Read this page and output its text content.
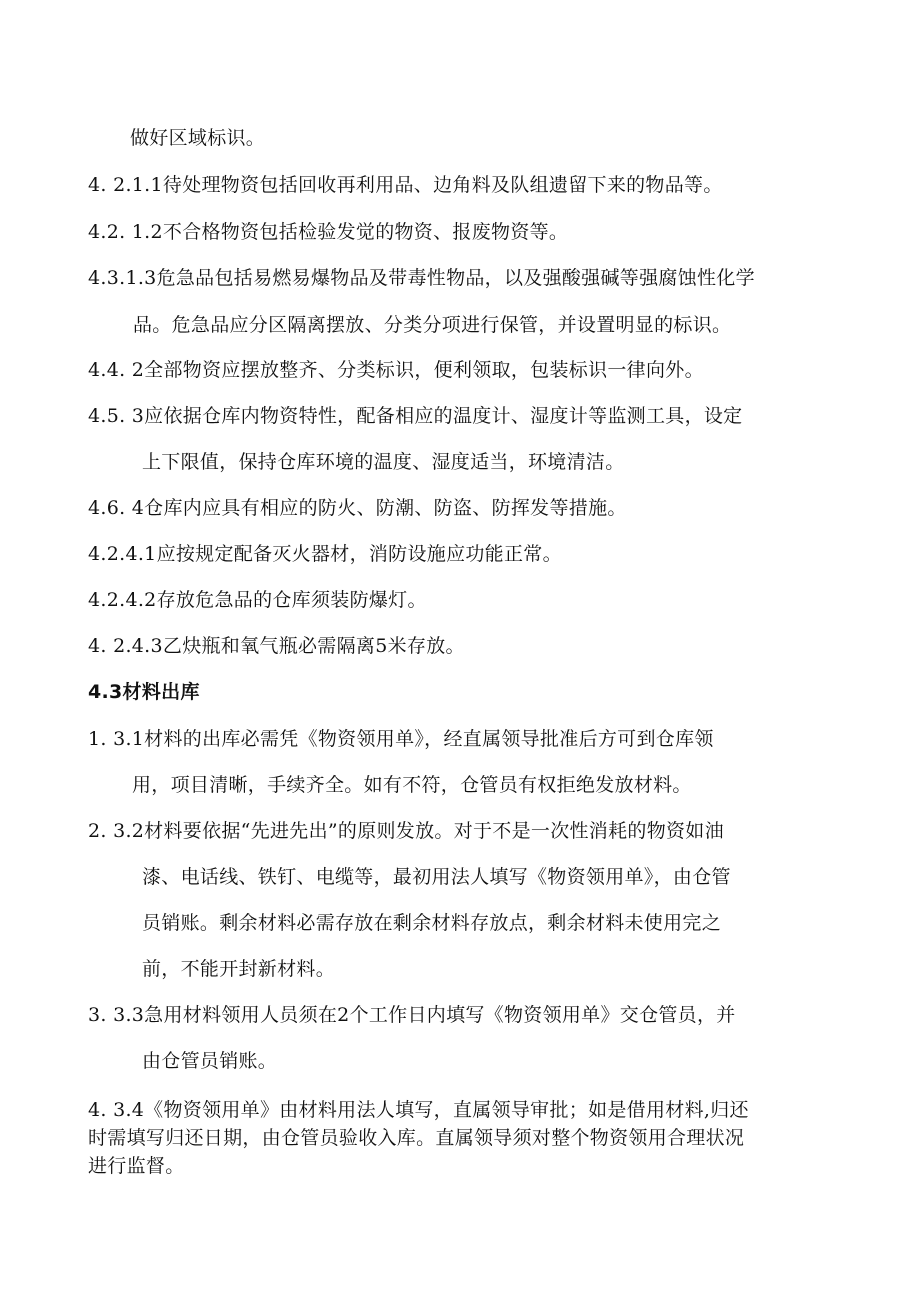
做好区域标识。
4. 2.1.1待处理物资包括回收再利用品、边角料及队组遗留下来的物品等。
4.2. 1.2不合格物资包括检验发觉的物资、报废物资等。
4.3.1.3危急品包括易燃易爆物品及带毒性物品，以及强酸强碱等强腐蚀性化学
品。危急品应分区隔离摆放、分类分项进行保管，并设置明显的标识。
4.4. 2全部物资应摆放整齐、分类标识，便利领取，包装标识一律向外。
4.5. 3应依据仓库内物资特性，配备相应的温度计、湿度计等监测工具，设定
上下限值，保持仓库环境的温度、湿度适当，环境清洁。
4.6. 4仓库内应具有相应的防火、防潮、防盗、防挥发等措施。
4.2.4.1应按规定配备灭火器材，消防设施应功能正常。
4.2.4.2存放危急品的仓库须装防爆灯。
4. 2.4.3乙炔瓶和氧气瓶必需隔离5米存放。
4.3材料出库
1. 3.1材料的出库必需凭《物资领用单》，经直属领导批准后方可到仓库领
用，项目清晰，手续齐全。如有不符，仓管员有权拒绝发放材料。
2. 3.2材料要依据“先进先出”的原则发放。对于不是一次性消耗的物资如油
漆、电话线、铁钉、电缆等，最初用法人填写《物资领用单》，由仓管
员销账。剩余材料必需存放在剩余材料存放点，剩余材料未使用完之
前，不能开封新材料。
3. 3.3急用材料领用人员须在2个工作日内填写《物资领用单》交仓管员，并
由仓管员销账。
4. 3.4《物资领用单》由材料用法人填写，直属领导审批；如是借用材料,归还
时需填写归还日期，由仓管员验收入库。直属领导须对整个物资领用合理状况
进行监督。
